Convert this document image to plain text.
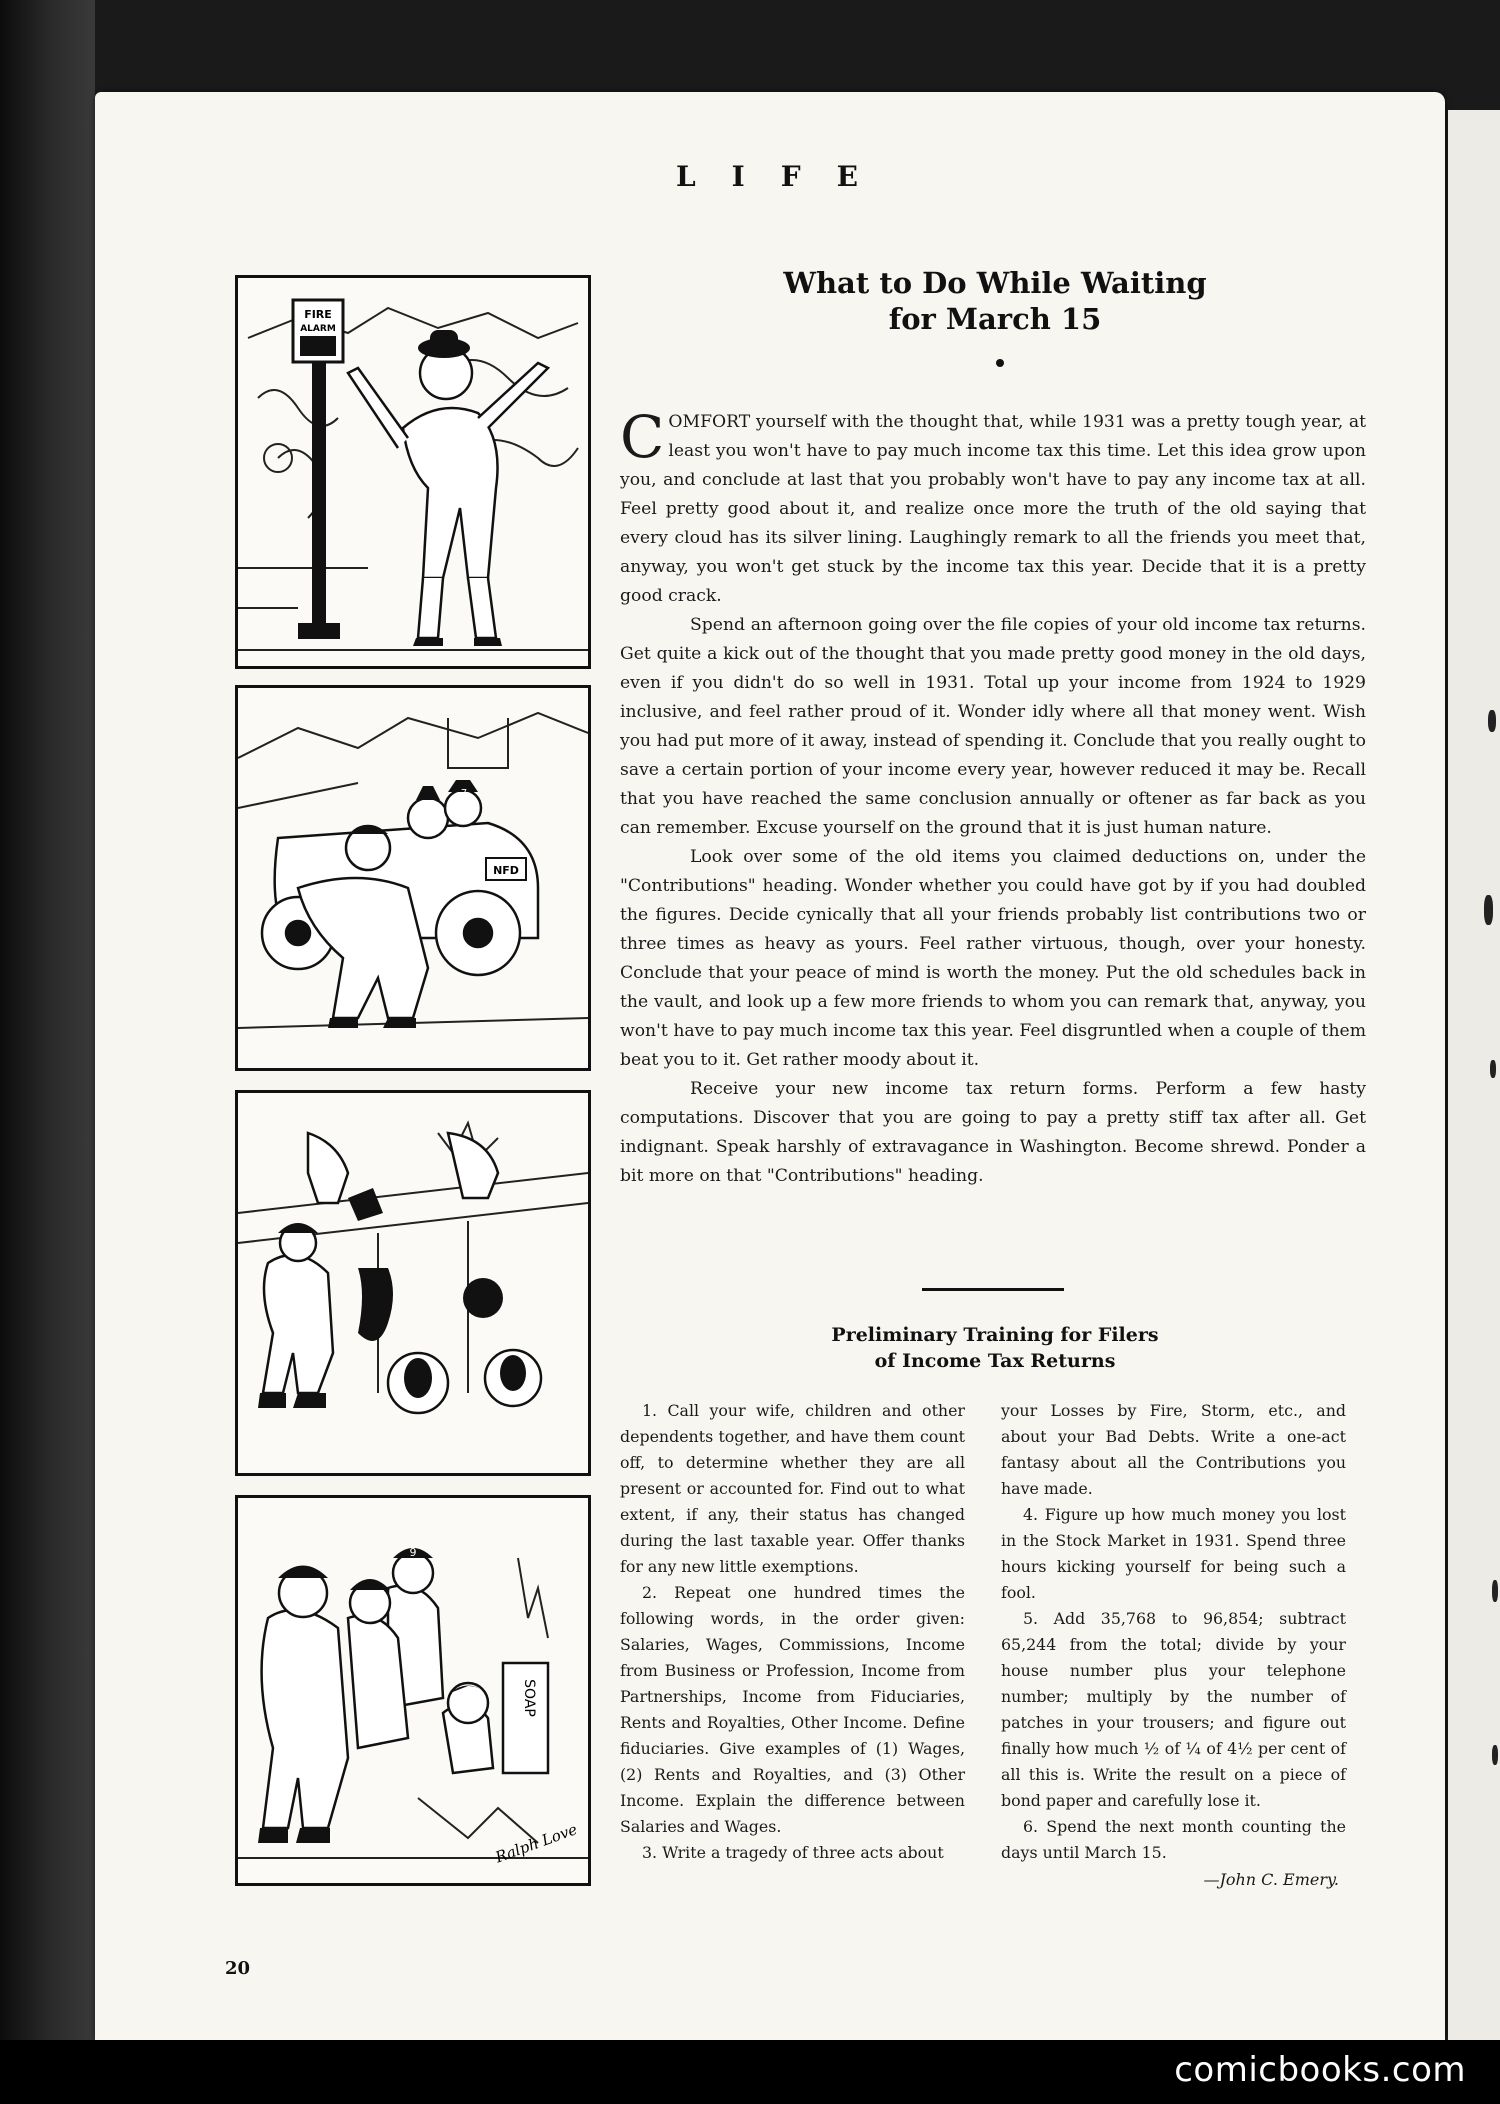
LIFE
FIRE
ALARM
7
NFD
9
SOAP
Ralph Love
What to Do While Waiting
for March 15

COMFORT yourself with the thought that, while 1931 was a pretty tough year, at least you won't have to pay much income tax this time. Let this idea grow upon you, and conclude at last that you probably won't have to pay any income tax at all. Feel pretty good about it, and realize once more the truth of the old saying that every cloud has its silver lining. Laughingly remark to all the friends you meet that, anyway, you won't get stuck by the income tax this year. Decide that it is a pretty good crack.

Spend an afternoon going over the file copies of your old income tax returns. Get quite a kick out of the thought that you made pretty good money in the old days, even if you didn't do so well in 1931. Total up your income from 1924 to 1929 inclusive, and feel rather proud of it. Wonder idly where all that money went. Wish you had put more of it away, instead of spending it. Conclude that you really ought to save a certain portion of your income every year, however reduced it may be. Recall that you have reached the same conclusion annually or oftener as far back as you can remember. Excuse yourself on the ground that it is just human nature.

Look over some of the old items you claimed deductions on, under the "Contributions" heading. Wonder whether you could have got by if you had doubled the figures. Decide cynically that all your friends probably list contributions two or three times as heavy as yours. Feel rather virtuous, though, over your honesty. Conclude that your peace of mind is worth the money. Put the old schedules back in the vault, and look up a few more friends to whom you can remark that, anyway, you won't have to pay much income tax this year. Feel disgruntled when a couple of them beat you to it. Get rather moody about it.

Receive your new income tax return forms. Perform a few hasty computations. Discover that you are going to pay a pretty stiff tax after all. Get indignant. Speak harshly of extravagance in Washington. Become shrewd. Ponder a bit more on that "Contributions" heading.

Preliminary Training for Filers
of Income Tax Returns

1. Call your wife, children and other dependents together, and have them count off, to determine whether they are all present or accounted for. Find out to what extent, if any, their status has changed during the last taxable year. Offer thanks for any new little exemptions.

2. Repeat one hundred times the following words, in the order given: Salaries, Wages, Commissions, Income from Business or Profession, Income from Partnerships, Income from Fiduciaries, Rents and Royalties, Other Income. Define fiduciaries. Give examples of (1) Wages, (2) Rents and Royalties, and (3) Other Income. Explain the difference between Salaries and Wages.

3. Write a tragedy of three acts about

your Losses by Fire, Storm, etc., and about your Bad Debts. Write a one-act fantasy about all the Contributions you have made.

4. Figure up how much money you lost in the Stock Market in 1931. Spend three hours kicking yourself for being such a fool.

5. Add 35,768 to 96,854; subtract 65,244 from the total; divide by your house number plus your telephone number; multiply by the number of patches in your trousers; and figure out finally how much ½ of ¼ of 4½ per cent of all this is. Write the result on a piece of bond paper and carefully lose it.

6. Spend the next month counting the days until March 15.

—John C. Emery.
20
comicbooks.com
